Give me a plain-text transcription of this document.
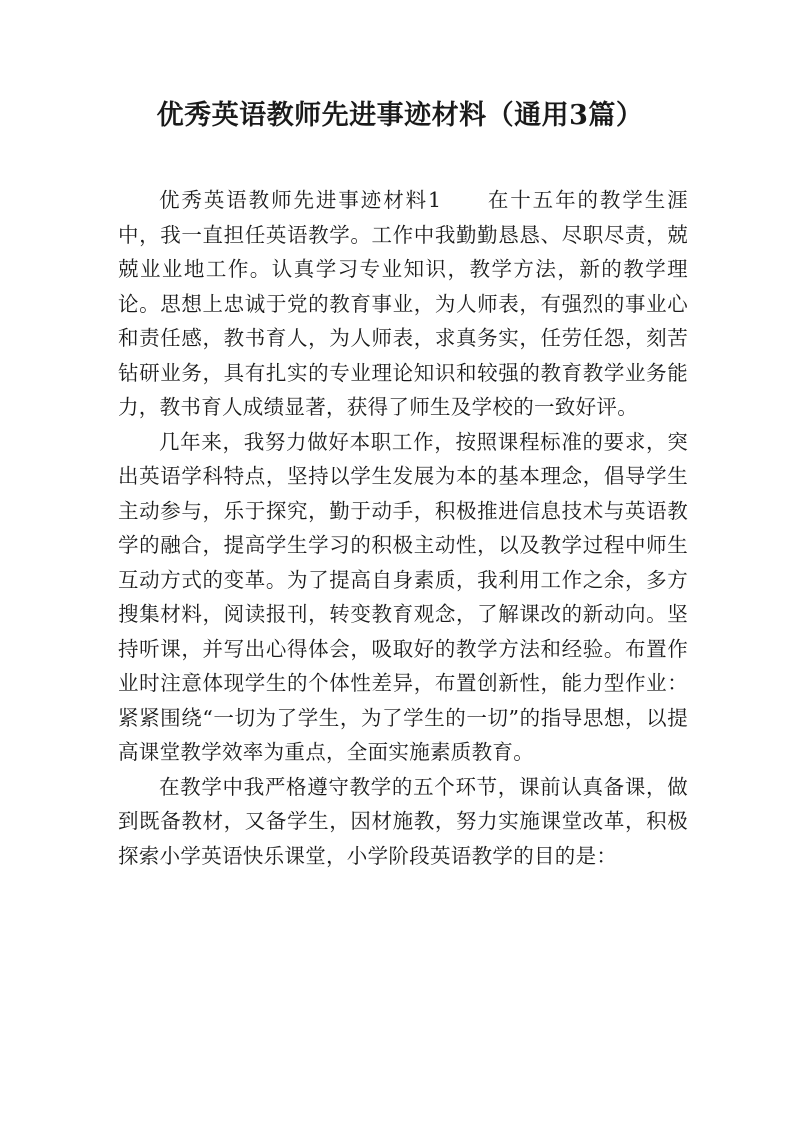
优秀英语教师先进事迹材料（通用3篇）

优秀英语教师先进事迹材料1　　在十五年的教学生涯中，我一直担任英语教学。工作中我勤勤恳恳、尽职尽责，兢兢业业地工作。认真学习专业知识，教学方法，新的教学理论。思想上忠诚于党的教育事业，为人师表，有强烈的事业心和责任感，教书育人，为人师表，求真务实，任劳任怨，刻苦钻研业务，具有扎实的专业理论知识和较强的教育教学业务能力，教书育人成绩显著，获得了师生及学校的一致好评。

几年来，我努力做好本职工作，按照课程标准的要求，突出英语学科特点，坚持以学生发展为本的基本理念，倡导学生主动参与，乐于探究，勤于动手，积极推进信息技术与英语教学的融合，提高学生学习的积极主动性，以及教学过程中师生互动方式的变革。为了提高自身素质，我利用工作之余，多方搜集材料，阅读报刊，转变教育观念，了解课改的新动向。坚持听课，并写出心得体会，吸取好的教学方法和经验。布置作业时注意体现学生的个体性差异，布置创新性，能力型作业：紧紧围绕“一切为了学生，为了学生的一切”的指导思想，以提高课堂教学效率为重点，全面实施素质教育。

在教学中我严格遵守教学的五个环节，课前认真备课，做到既备教材，又备学生，因材施教，努力实施课堂改革，积极探索小学英语快乐课堂，小学阶段英语教学的目的是：
